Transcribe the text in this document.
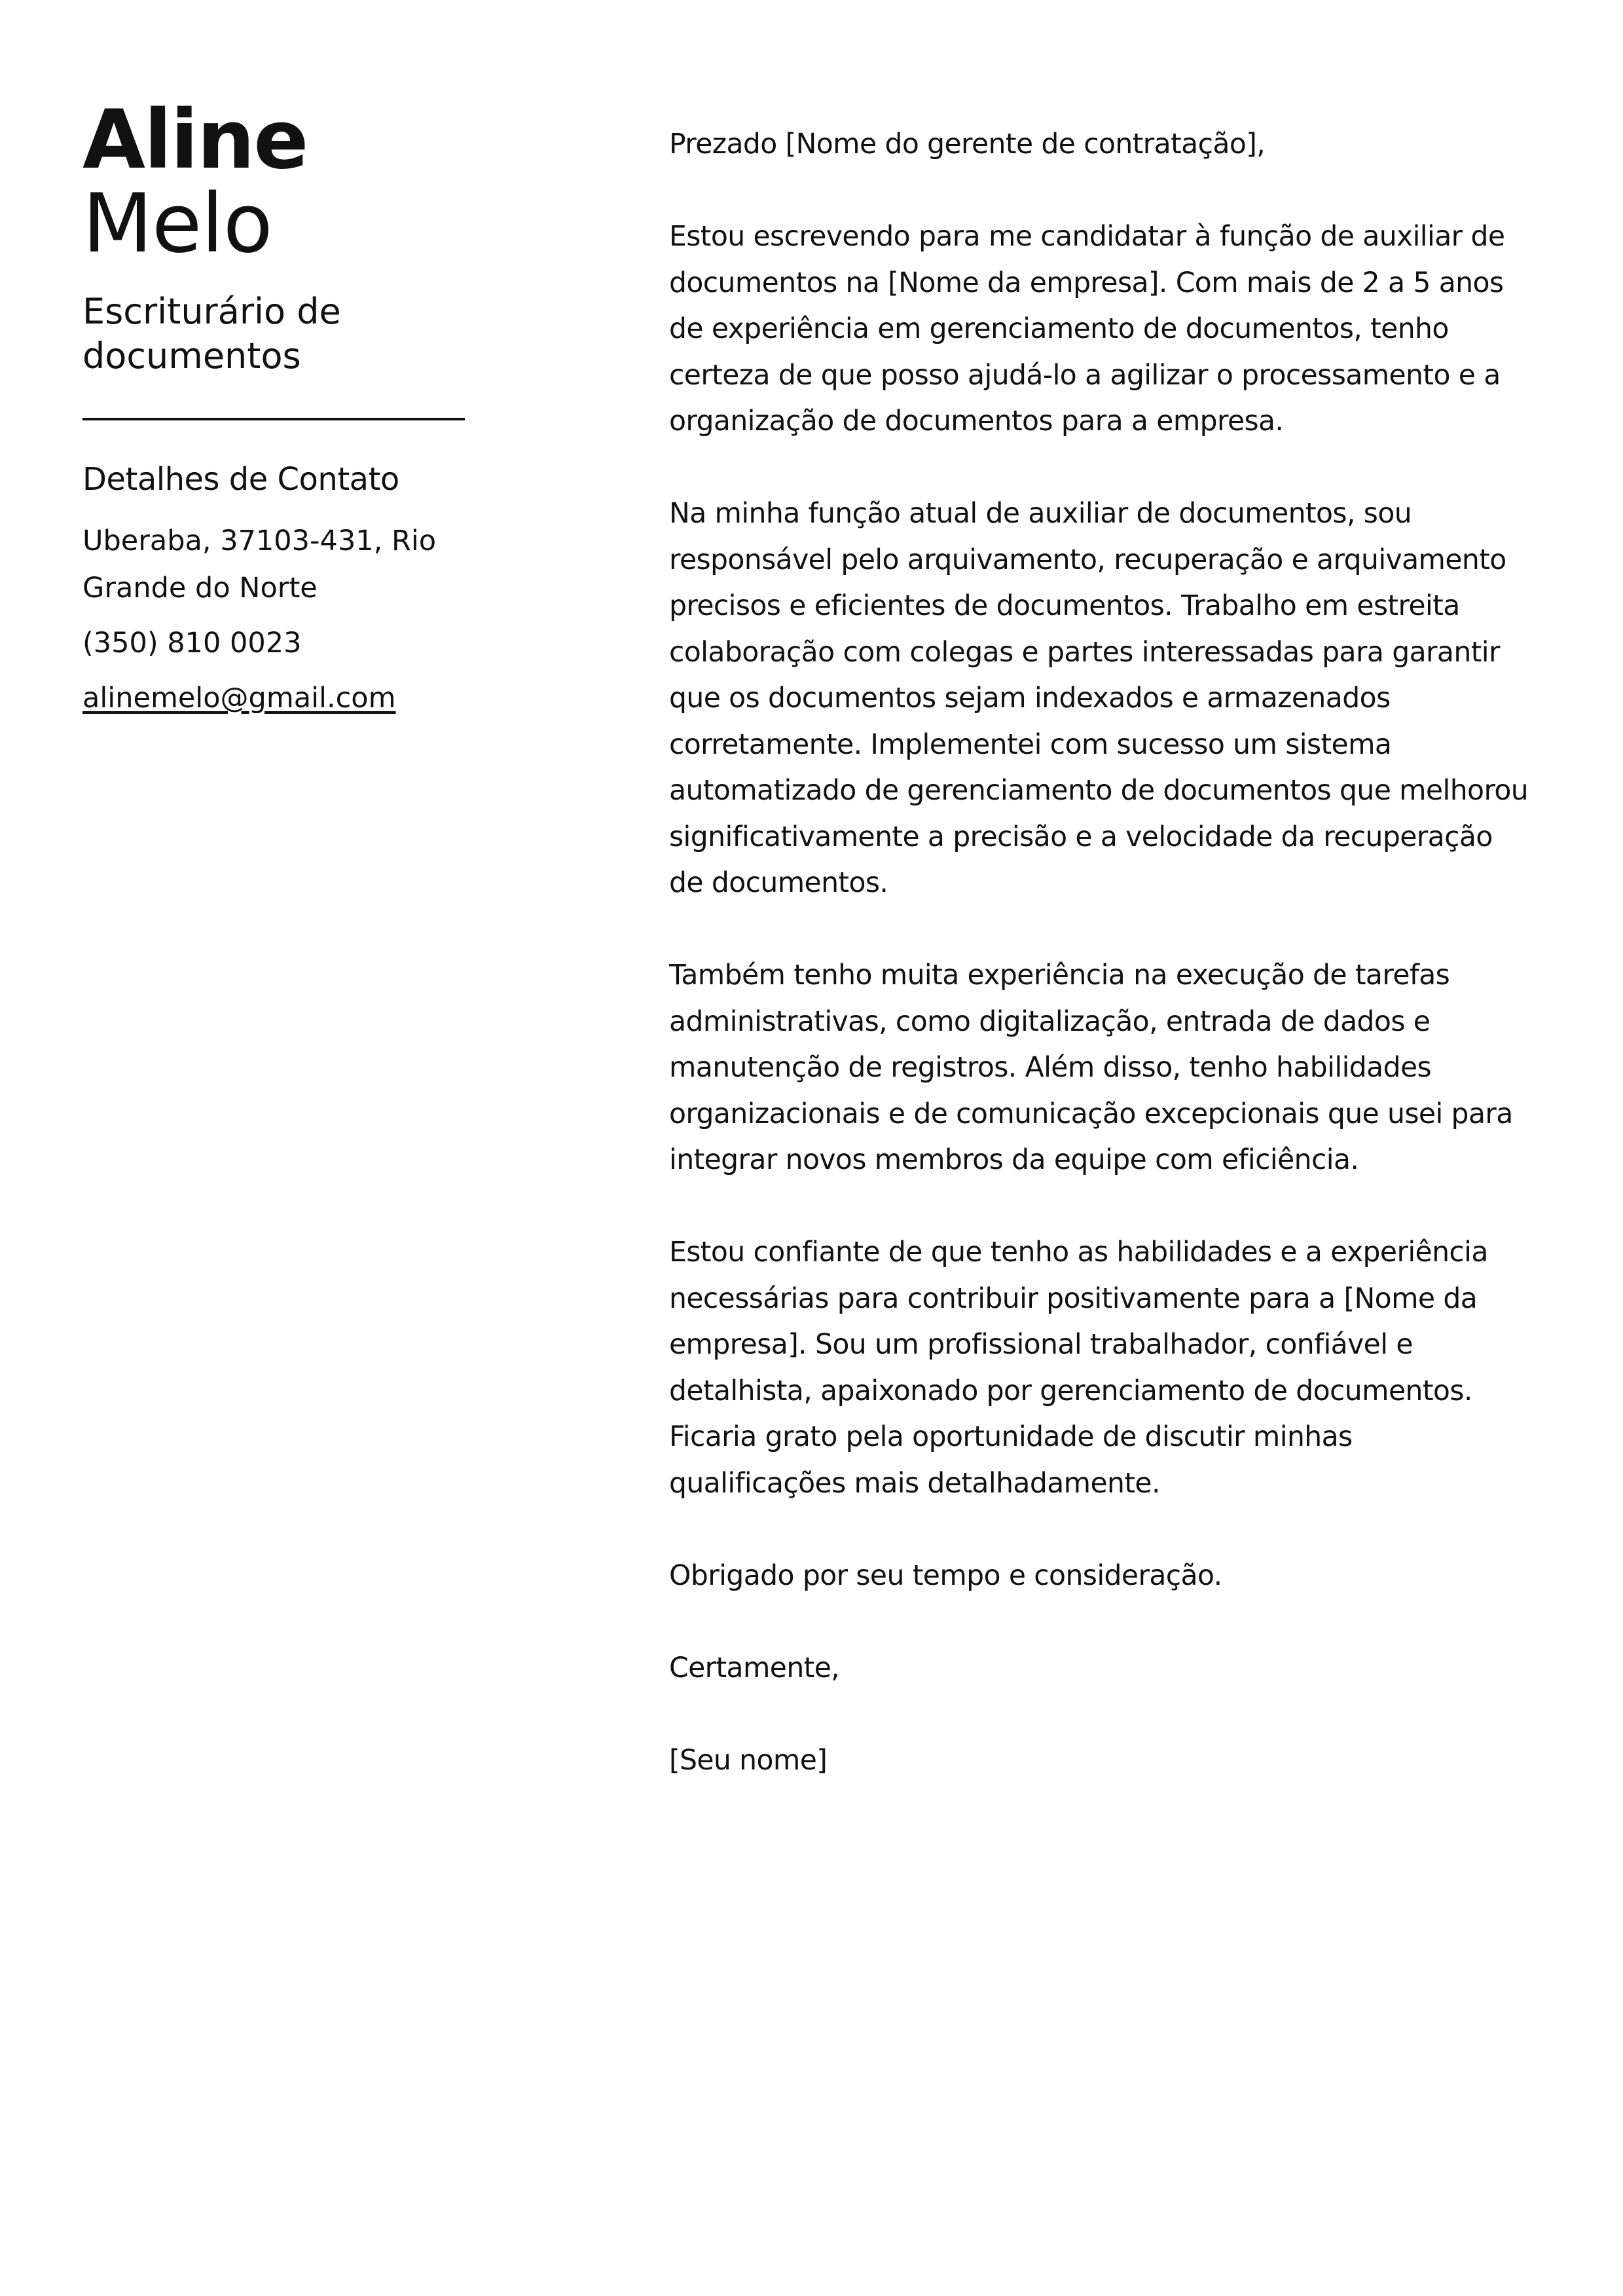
Aline
Melo
Escriturário de documentos
Detalhes de Contato
Uberaba, 37103-431, Rio Grande do Norte
(350) 810 0023
alinemelo@gmail.com

Prezado [Nome do gerente de contratação],

Estou escrevendo para me candidatar à função de auxiliar de documentos na [Nome da empresa]. Com mais de 2 a 5 anos de experiência em gerenciamento de documentos, tenho certeza de que posso ajudá-lo a agilizar o processamento e a organização de documentos para a empresa.

Na minha função atual de auxiliar de documentos, sou responsável pelo arquivamento, recuperação e arquivamento precisos e eficientes de documentos. Trabalho em estreita colaboração com colegas e partes interessadas para garantir que os documentos sejam indexados e armazenados corretamente. Implementei com sucesso um sistema automatizado de gerenciamento de documentos que melhorou significativamente a precisão e a velocidade da recuperação de documentos.

Também tenho muita experiência na execução de tarefas administrativas, como digitalização, entrada de dados e manutenção de registros. Além disso, tenho habilidades organizacionais e de comunicação excepcionais que usei para integrar novos membros da equipe com eficiência.

Estou confiante de que tenho as habilidades e a experiência necessárias para contribuir positivamente para a [Nome da empresa]. Sou um profissional trabalhador, confiável e detalhista, apaixonado por gerenciamento de documentos. Ficaria grato pela oportunidade de discutir minhas qualificações mais detalhadamente.

Obrigado por seu tempo e consideração.

Certamente,

[Seu nome]
